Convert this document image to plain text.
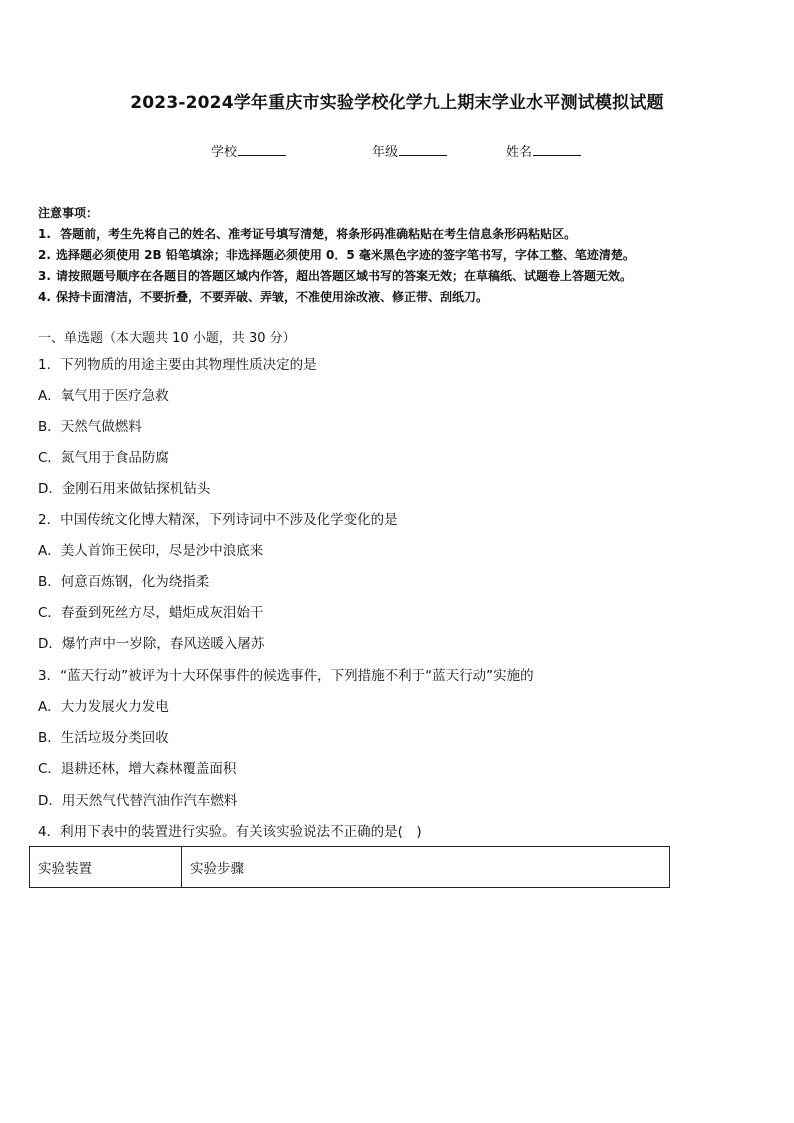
2023-2024学年重庆市实验学校化学九上期末学业水平测试模拟试题
学校	年级	姓名
注意事项：
1. 答题前，考生先将自己的姓名、准考证号填写清楚，将条形码准确粘贴在考生信息条形码粘贴区。
2. 选择题必须使用 2B 铅笔填涂；非选择题必须使用 0．5 毫米黑色字迹的签字笔书写，字体工整、笔迹清楚。
3. 请按照题号顺序在各题目的答题区域内作答，超出答题区域书写的答案无效；在草稿纸、试题卷上答题无效。
4. 保持卡面清洁，不要折叠，不要弄破、弄皱，不准使用涂改液、修正带、刮纸刀。
一、单选题（本大题共 10 小题，共 30 分）
1．下列物质的用途主要由其物理性质决定的是
A．氧气用于医疗急救
B．天然气做燃料
C．氮气用于食品防腐
D．金刚石用来做钻探机钻头
2．中国传统文化博大精深，下列诗词中不涉及化学变化的是
A．美人首饰王侯印，尽是沙中浪底来
B．何意百炼钢，化为绕指柔
C．春蚕到死丝方尽，蜡炬成灰泪始干
D．爆竹声中一岁除，春风送暖入屠苏
3．“蓝天行动”被评为十大环保事件的候选事件，下列措施不利于“蓝天行动”实施的
A．大力发展火力发电
B．生活垃圾分类回收
C．退耕还林，增大森林覆盖面积
D．用天然气代替汽油作汽车燃料
4．利用下表中的装置进行实验。有关该实验说法不正确的是(　)
实验装置	实验步骤
